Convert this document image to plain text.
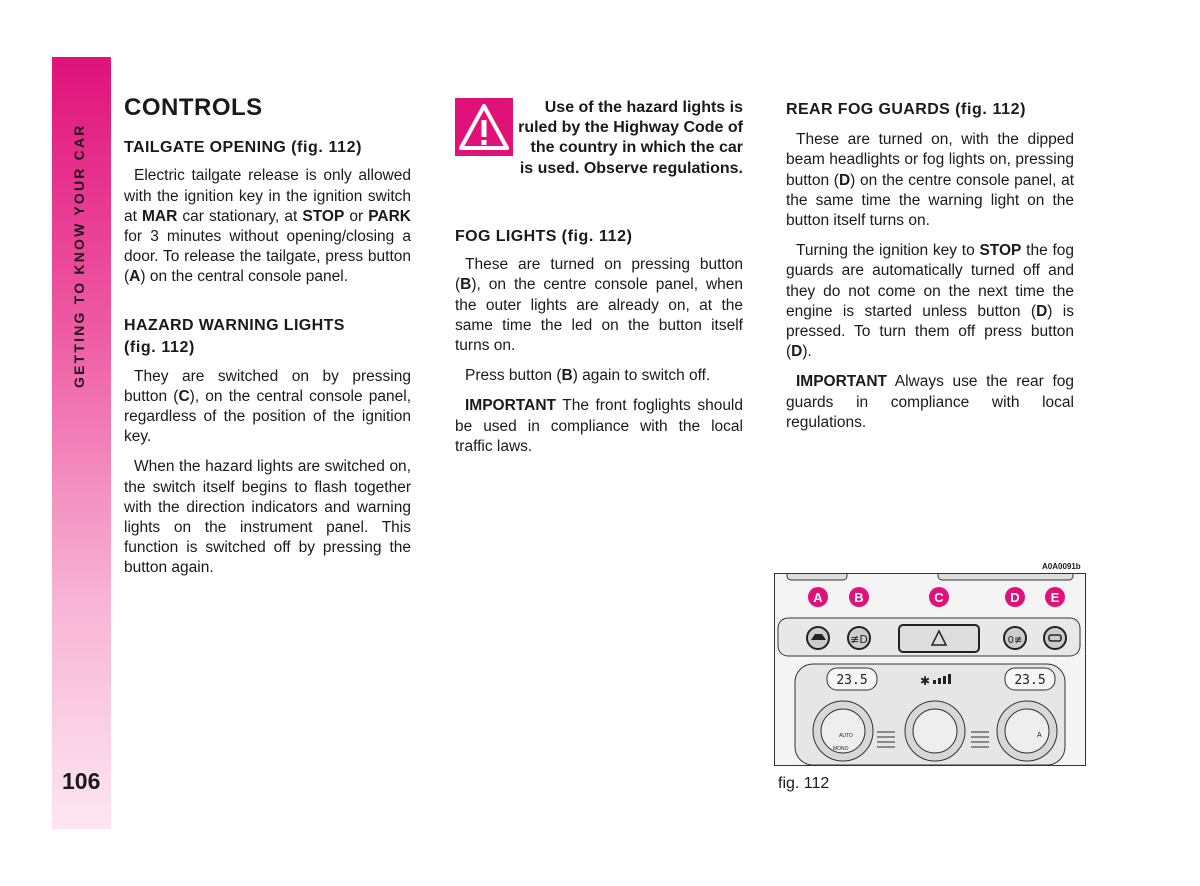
GETTING TO KNOW YOUR CAR
106
CONTROLS
TAILGATE OPENING (fig. 112)

Electric tailgate release is only allowed with the ignition key in the ignition switch at MAR car stationary, at STOP or PARK for 3 minutes without opening/closing a door. To release the tailgate, press button (A) on the central console panel.

HAZARD WARNING LIGHTS
(fig. 112)

They are switched on by pressing button (C), on the central console panel, regardless of the position of the ignition key.

When the hazard lights are switched on, the switch itself begins to flash together with the direction indicators and warning lights on the instrument panel. This function is switched off by pressing the button again.

Use of the hazard lights is ruled by the Highway Code of the country in which the car is used. Observe regulations.
FOG LIGHTS (fig. 112)

These are turned on pressing button (B), on the centre console panel, when the outer lights are already on, at the same time the led on the button itself turns on.

Press button (B) again to switch off.

IMPORTANT The front foglights should be used in compliance with the local traffic laws.

REAR FOG GUARDS (fig. 112)

These are turned on, with the dipped beam headlights or fog lights on, pressing button (D) on the centre console panel, at the same time the warning light on the button itself turns on.

Turning the ignition key to STOP the fog guards are automatically turned off and they do not come on the next time the engine is started unless button (D) is pressed. To turn them off press button (D).

IMPORTANT Always use the rear fog guards in compliance with local regulations.

A0A0091b
≢D	0≢
A B	C	D E
23.5	23.5
✱
AUTO
MONO
A
fig. 112
